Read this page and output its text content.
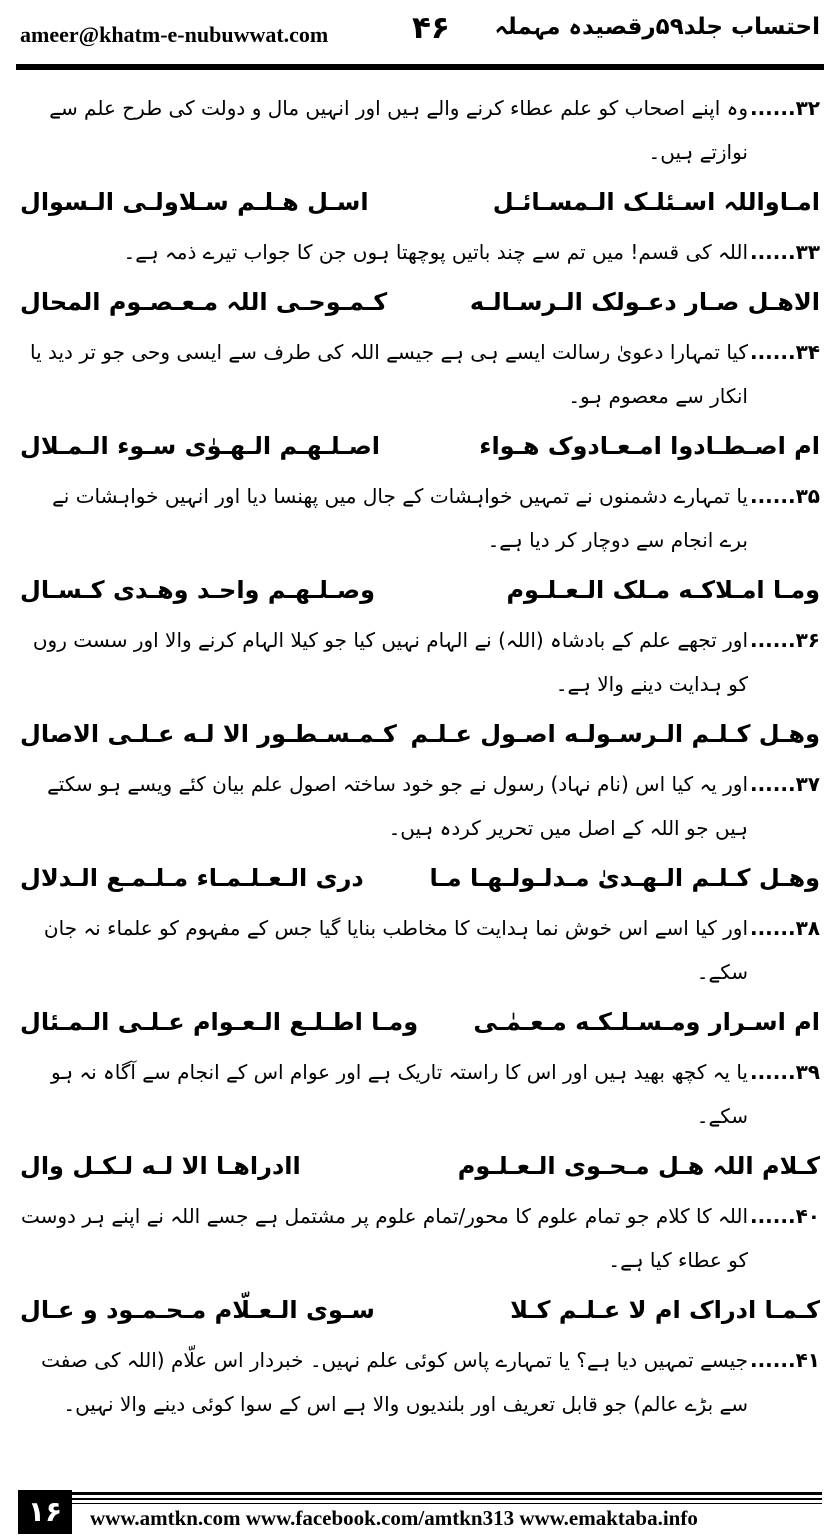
ameer@khatm-e-nubuwwat.com	۴۶ احتساب جلد۵۹رقصیدہ مہملہ
۳۲......
وہ اپنے اصحاب کو علم عطاء کرنے والے ہیں اور انہیں مال و دولت کی طرح علم سے نوازتے ہیں۔
امـاواللہ اسـئلـک الـمسـائـل
اسـل هـلـم سـلاولـی الـسوال
۳۳......
اللہ کی قسم! میں تم سے چند باتیں پوچھتا ہوں جن کا جواب تیرے ذمہ ہے۔
الاهـل صـار دعـولک الـرسـالـه
کـمـوحـی اللہ مـعـصـوم المحال
۳۴......
کیا تمہارا دعویٰ رسالت ایسے ہی ہے جیسے اللہ کی طرف سے ایسی وحی جو تر دید یا انکار سے معصوم ہو۔
ام اصـطـادوا امـعـادوک هـواء
اصـلـهـم الـهـوٰی سـوء الـمـلال
۳۵......
یا تمہارے دشمنوں نے تمہیں خواہشات کے جال میں پھنسا دیا اور انہیں خواہشات نے برے انجام سے دوچار کر دیا ہے۔
ومـا امـلاکـه مـلک الـعـلـوم
وصـلـهـم واحـد وهـدی کـسـال
۳۶......
اور تجھے علم کے بادشاہ (اللہ) نے الہام نہیں کیا جو کیلا الہام کرنے والا اور سست روں کو ہدایت دینے والا ہے۔
وهـل کـلـم الـرسـولـه اصـول عـلـم
کـمـسـطـور الا لـه عـلـی الاصال
۳۷......
اور یہ کیا اس (نام نہاد) رسول نے جو خود ساختہ اصول علم بیان کئے ویسے ہو سکتے ہیں جو اللہ کے اصل میں تحریر کردہ ہیں۔
وهـل کـلـم الـهـدیٰ مـدلـولـهـا مـا
دری الـعـلـمـاء مـلـمـع الـدلال
۳۸......
اور کیا اسے اس خوش نما ہدایت کا مخاطب بنایا گیا جس کے مفہوم کو علماء نہ جان سکے۔
ام اسـرار ومـسـلـکـه مـعـمٰـی
ومـا اطـلـع الـعـوام عـلـی الـمـئال
۳۹......
یا یہ کچھ بھید ہیں اور اس کا راستہ تاریک ہے اور عوام اس کے انجام سے آگاہ نہ ہو سکے۔
کـلام اللہ هـل مـحـوی الـعـلـوم
اادراهـا الا لـه لـکـل وال
۴۰......
اللہ کا کلام جو تمام علوم کا محور/تمام علوم پر مشتمل ہے جسے اللہ نے اپنے ہر دوست کو عطاء کیا ہے۔
کـمـا ادراک ام لا عـلـم کـلا
سـوی الـعـلّام مـحـمـود و عـال
۴۱......
جیسے تمہیں دیا ہے؟ یا تمہارے پاس کوئی علم نہیں۔ خبردار اس علّام (اللہ کی صفت سے بڑے عالم) جو قابل تعریف اور بلندیوں والا ہے اس کے سوا کوئی دینے والا نہیں۔
۱۶	www.amtkn.com www.facebook.com/amtkn313 www.emaktaba.info
